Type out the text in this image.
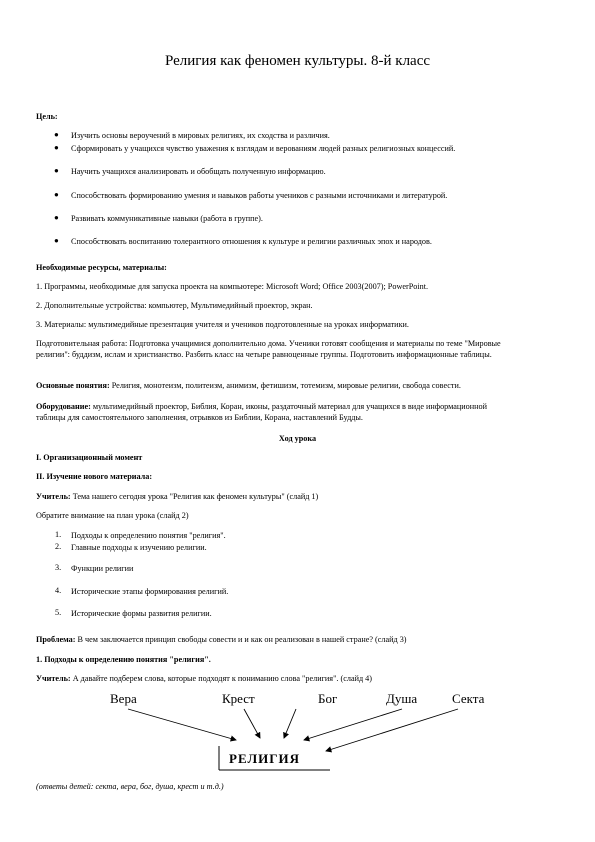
Религия как феномен культуры. 8-й класс
Цель:
● Изучить основы вероучений в мировых религиях, их сходства и различия.
● Сформировать у учащихся чувство уважения к взглядам и верованиям людей разных религиозных концессий.
● Научить учащихся анализировать и обобщать полученную информацию.
● Способствовать формированию умения и навыков работы учеников с разными источниками и литературой.
● Развивать коммуникативные навыки (работа в группе).
● Способствовать воспитанию толерантного отношения к культуре и религии различных эпох и народов.
Необходимые ресурсы, материалы:
1. Программы, необходимые для запуска проекта на компьютере: Microsoft Word; Office 2003(2007); PowerPoint.
2. Дополнительные устройства: компьютер, Мультимедийный проектор, экран.
3. Материалы: мультимедийные презентация учителя и учеников подготовленные на уроках информатики.
Подготовительная работа: Подготовка учащимися дополнительно дома. Ученики готовят сообщения и материалы по теме "Мировые религии": буддизм, ислам и христианство. Разбить класс на четыре равноценные группы. Подготовить информационные таблицы.
Основные понятия: Религия, монотеизм, политеизм, анимизм, фетишизм, тотемизм, мировые религии, свобода совести.
Оборудование: мультимедийный проектор, Библия, Коран, иконы, раздаточный материал для учащихся в виде информационной таблицы для самостоятельного заполнения, отрывков из Библии, Корана, наставлений Будды.
Ход урока
I. Организационный момент
II. Изучение нового материала:
Учитель: Тема нашего сегодня урока "Религия как феномен культуры" (слайд 1)
Обратите внимание на план урока (слайд 2)
1. Подходы к определению понятия "религия".
2. Главные подходы к изучению религии.
3. Функции религии
4. Исторические этапы формирования религий.
5. Исторические формы развития религии.
Проблема: В чем заключается принцип свободы совести и и как он реализован в нашей стране? (слайд 3)
1. Подходы к определению понятия "религия".
Учитель: А давайте подберем слова, которые подходят к пониманию слова "религия". (слайд 4)
Вера	Крест	Бог	Душа	Секта
РЕЛИГИЯ
(ответы детей: секта, вера, бог, душа, крест и т.д.)
